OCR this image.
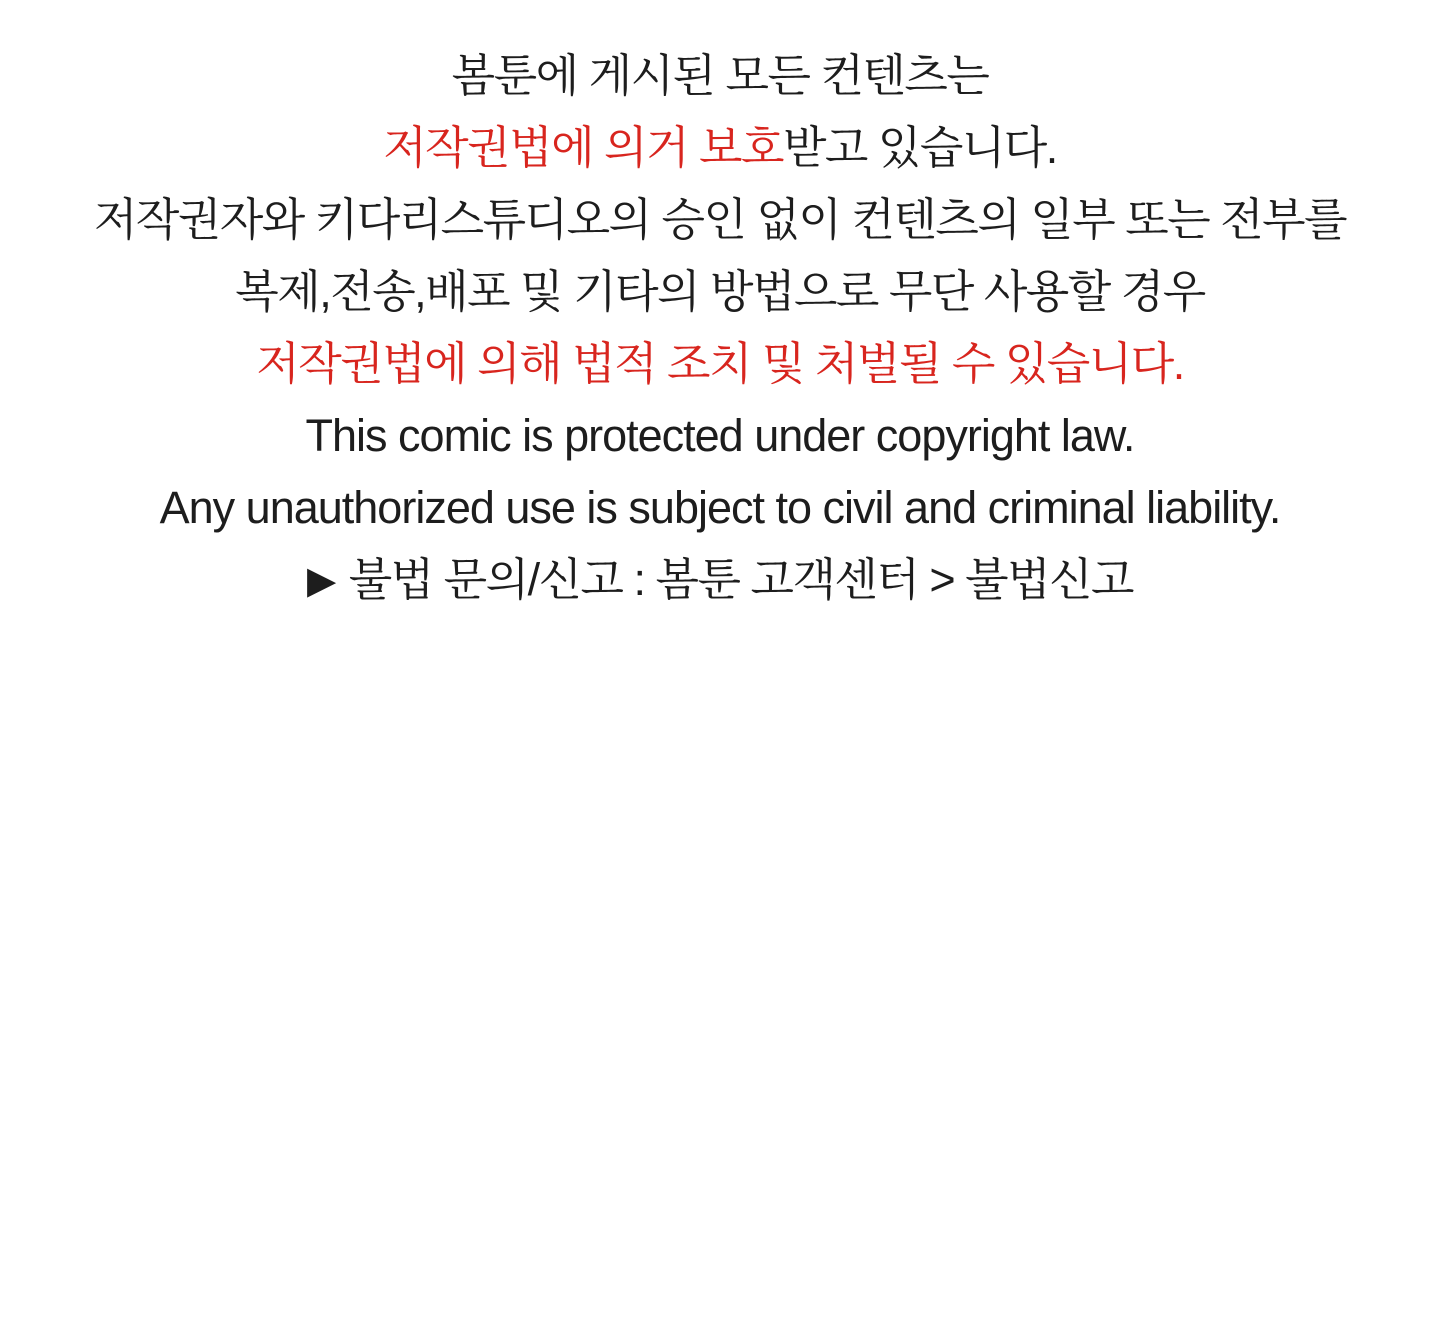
봄툰에 게시된 모든 컨텐츠는
저작권법에 의거 보호받고 있습니다.

저작권자와 키다리스튜디오의 승인 없이 컨텐츠의 일부 또는 전부를
복제,전송,배포 및 기타의 방법으로 무단 사용할 경우
저작권법에 의해 법적 조치 및 처벌될 수 있습니다.

This comic is protected under copyright law.
Any unauthorized use is subject to civil and criminal liability.

▶ 불법 문의/신고 : 봄툰 고객센터 > 불법신고
